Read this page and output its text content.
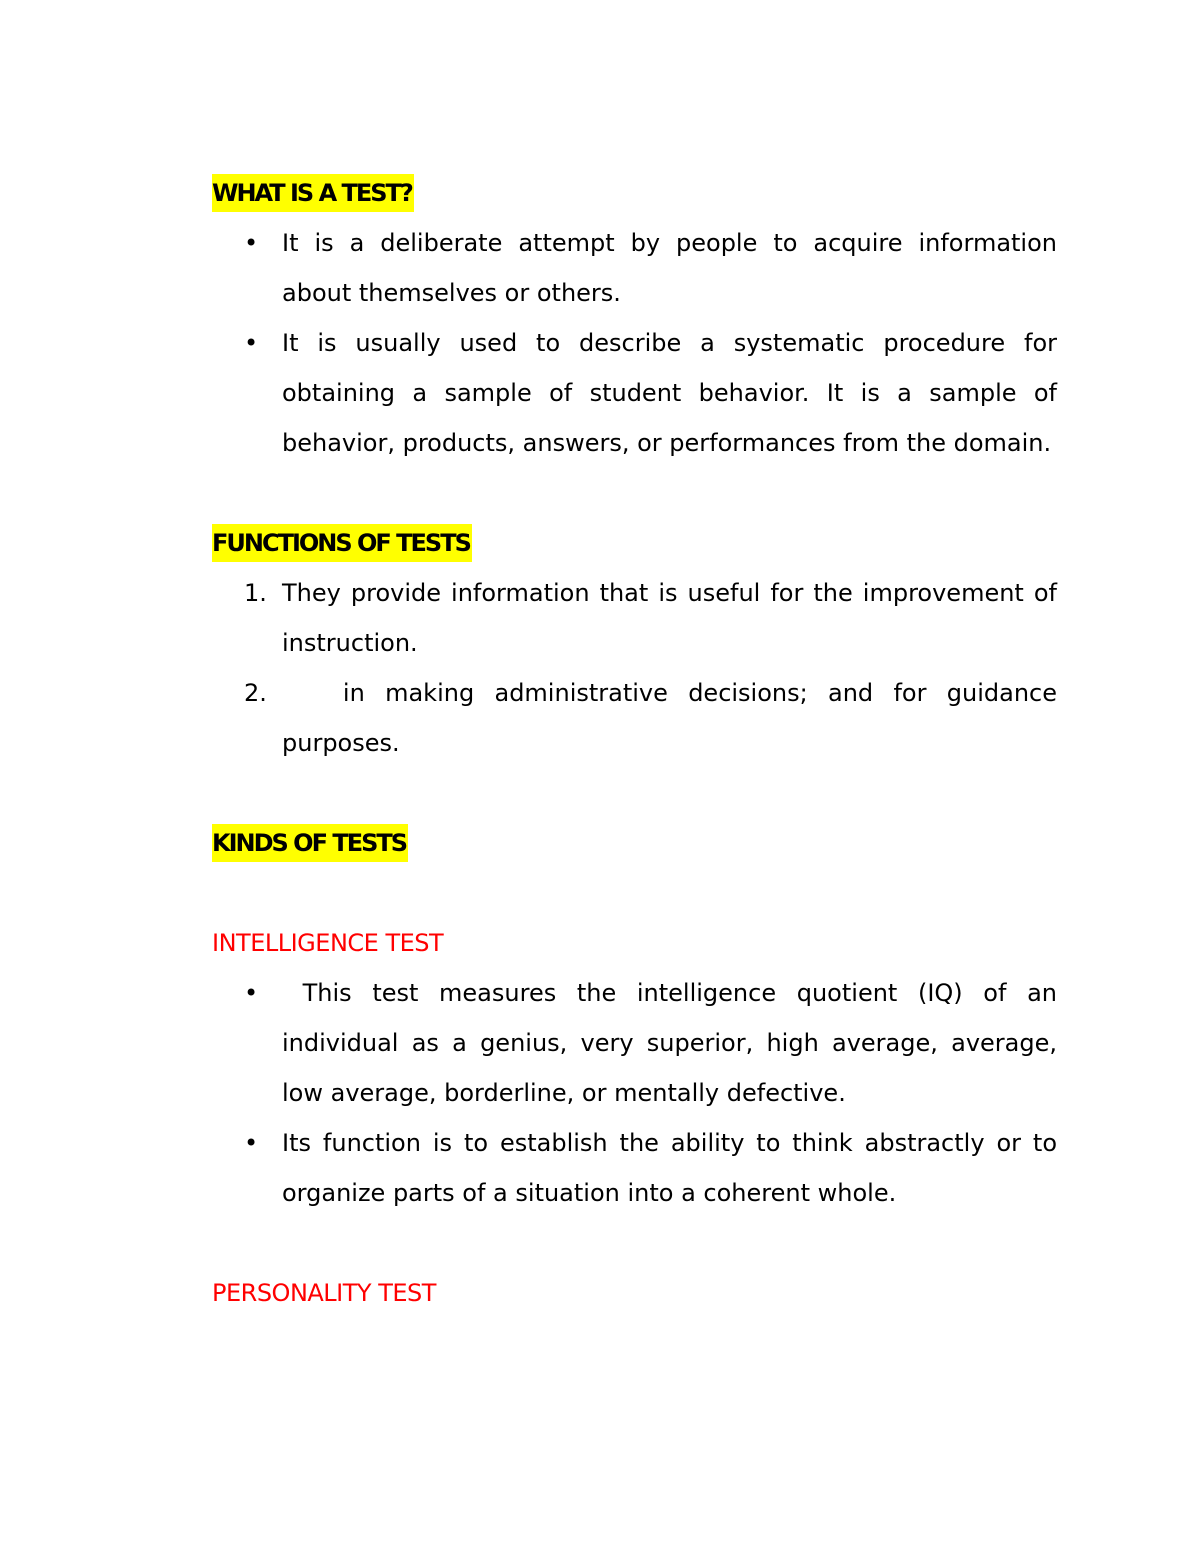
WHAT IS A TEST?
• It is a deliberate attempt by people to acquire information about themselves or others.
• It is usually used to describe a systematic procedure for obtaining a sample of student behavior. It is a sample of behavior, products, answers, or performances from the domain.
FUNCTIONS OF TESTS
1. They provide information that is useful for the improvement of instruction.
2. in making administrative decisions; and for guidance purposes.
KINDS OF TESTS
INTELLIGENCE TEST
• This test measures the intelligence quotient (IQ) of an individual as a genius, very superior, high average, average, low average, borderline, or mentally defective.
• Its function is to establish the ability to think abstractly or to organize parts of a situation into a coherent whole.
PERSONALITY TEST
